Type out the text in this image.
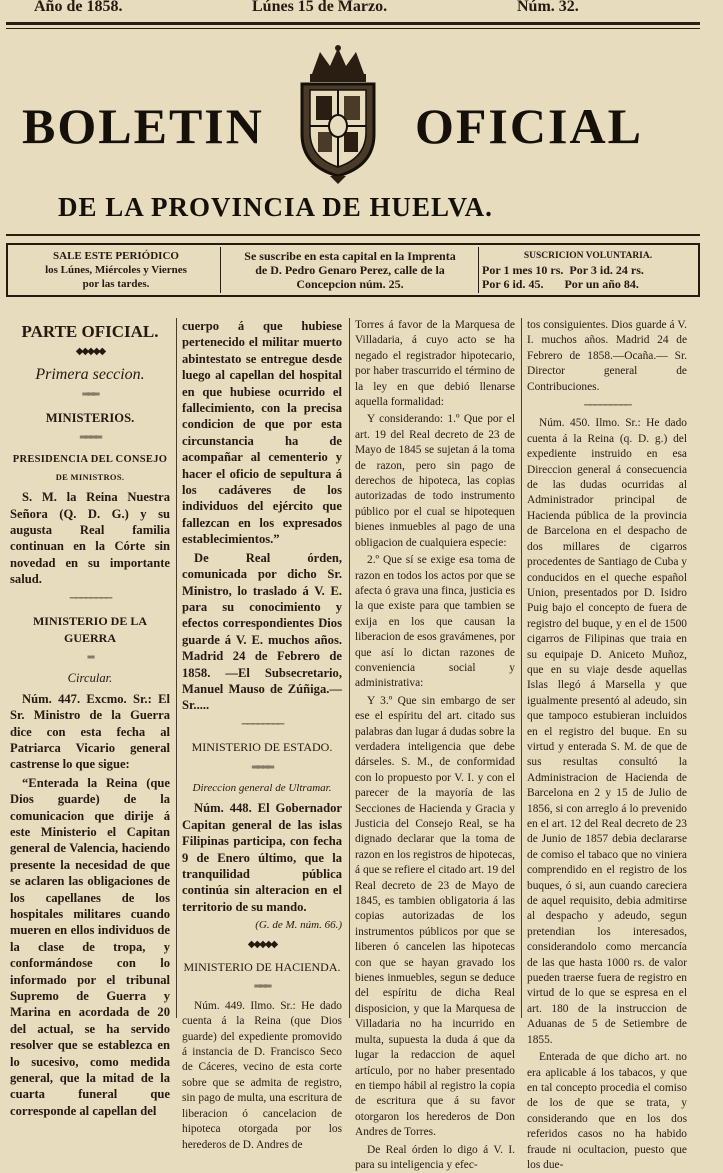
Año de 1858.	Lúnes 15 de Marzo.	Núm. 32.
BOLETIN	OFICIAL
DE LA PROVINCIA DE HUELVA.
SALE ESTE PERIÓDICO
los Lúnes, Miércoles y Viernes
por las tardes.
Se suscribe en esta capital en la Imprenta
de D. Pedro Genaro Perez, calle de la
Concepcion núm. 25.
SUSCRICION VOLUNTARIA.
Por 1 mes 10 rs.  Por 3 id. 24 rs.
Por 6 id. 45.       Por un año 84.

PARTE OFICIAL.

◆◆◆◆◆

Primera seccion.

═══

MINISTERIOS.

════

PRESIDENCIA DEL CONSEJO

DE MINISTROS.

S. M. la Reina Nuestra Señora (Q. D. G.) y su augusta Real familia continuan en la Córte sin novedad en su importante salud.

────────

MINISTERIO DE LA GUERRA

═

Circular.

Núm. 447. Excmo. Sr.: El Sr. Ministro de la Guerra dice con esta fecha al Patriarca Vicario general castrense lo que sigue:

“Enterada la Reina (que Dios guarde) de la comunicacion que dirije á este Ministerio el Capitan general de Valencia, haciendo presente la necesidad de que se aclaren las obligaciones de los capellanes de los hospitales militares cuando mueren en ellos individuos de la clase de tropa, y conformándose con lo informado por el tribunal Supremo de Guerra y Marina en acordada de 20 del actual, se ha servido resolver que se establezca en lo sucesivo, como medida general, que la mitad de la cuarta funeral que corresponde al capellan del

cuerpo á que hubiese pertenecido el militar muerto abintestato se entregue desde luego al capellan del hospital en que hubiese ocurrido el fallecimiento, con la precisa condicion de que por esta circunstancia ha de acompañar al cementerio y hacer el oficio de sepultura á los cadáveres de los individuos del ejército que fallezcan en los expresados establecimientos.”

De Real órden, comunicada por dicho Sr. Ministro, lo traslado á V. E. para su conocimiento y efectos correspondientes Dios guarde á V. E. muchos años. Madrid 24 de Febrero de 1858. —El Subsecretario, Manuel Mauso de Zúñiga.—Sr.....

────────

MINISTERIO DE ESTADO.

════

Direccion general de Ultramar.

Núm. 448. El Gobernador Capitan general de las islas Filipinas participa, con fecha 9 de Enero último, que la tranquilidad pública continúa sin alteracion en el territorio de su mando.

(G. de M. núm. 66.)

◆◆◆◆◆

MINISTERIO DE HACIENDA.

═══

Núm. 449. Ilmo. Sr.: He dado cuenta á la Reina (que Dios guarde) del expediente promovido á instancia de D. Francisco Seco de Cáceres, vecino de esta corte sobre que se admita de registro, sin pago de multa, una escritura de liberacion ó cancelacion de hipoteca otorgada por los herederos de D. Andres de

Torres á favor de la Marquesa de Villadaria, á cuyo acto se ha negado el registrador hipotecario, por haber trascurrido el término de la ley en que debió llenarse aquella formalidad:

Y considerando: 1.º Que por el art. 19 del Real decreto de 23 de Mayo de 1845 se sujetan á la toma de razon, pero sin pago de derechos de hipoteca, las copias autorizadas de todo instrumento público por el cual se hipotequen bienes inmuebles al pago de una obligacion de cualquiera especie:

2.º Que sí se exige esa toma de razon en todos los actos por que se afecta ó grava una finca, justicia es la que existe para que tambien se exija en los que causan la liberacion de esos gravámenes, por que así lo dictan razones de conveniencia social y administrativa:

Y 3.º Que sin embargo de ser ese el espíritu del art. citado sus palabras dan lugar á dudas sobre la verdadera inteligencia que debe dárseles. S. M., de conformidad con lo propuesto por V. I. y con el parecer de la mayoría de las Secciones de Hacienda y Gracia y Justicia del Consejo Real, se ha dignado declarar que la toma de razon en los registros de hipotecas, á que se refiere el citado art. 19 del Real decreto de 23 de Mayo de 1845, es tambien obligatoria á las copias autorizadas de los instrumentos públicos por que se liberen ó cancelen las hipotecas con que se hayan gravado los bienes inmuebles, segun se deduce del espíritu de dicha Real disposicion, y que la Marquesa de Villadaria no ha incurrido en multa, supuesta la duda á que da lugar la redaccion de aquel artículo, por no haber presentado en tiempo hábil al registro la copia de escritura que á su favor otorgaron los herederos de Don Andres de Torres.

De Real órden lo digo á V. I. para su inteligencia y efec-

tos consiguientes. Dios guarde á V. I. muchos años. Madrid 24 de Febrero de 1858.—Ocaña.— Sr. Director general de Contribuciones.

─────────

Núm. 450. Ilmo. Sr.: He dado cuenta á la Reina (q. D. g.) del expediente instruido en esa Direccion general á consecuencia de las dudas ocurridas al Administrador principal de Hacienda pública de la provincia de Barcelona en el despacho de dos millares de cigarros procedentes de Santiago de Cuba y conducidos en el queche español Union, presentados por D. Isidro Puig bajo el concepto de fuera de registro del buque, y en el de 1500 cigarros de Filipinas que traia en su equipaje D. Aniceto Muñoz, que en su viaje desde aquellas Islas llegó á Marsella y que igualmente presentó al adeudo, sin que tampoco estubieran incluidos en el registro del buque. En su virtud y enterada S. M. de que de sus resultas consultó la Administracion de Hacienda de Barcelona en 2 y 15 de Julio de 1856, si con arreglo á lo prevenido en el art. 12 del Real decreto de 23 de Junio de 1857 debia declararse de comiso el tabaco que no viniera comprendido en el registro de los buques, ó si, aun cuando careciera de aquel requisito, debia admitirse al despacho y adeudo, segun pretendian los interesados, considerandolo como mercancía de las que hasta 1000 rs. de valor pueden traerse fuera de registro en virtud de lo que se espresa en el art. 180 de la instruccion de Aduanas de 5 de Setiembre de 1855.

Enterada de que dicho art. no era aplicable á los tabacos, y que en tal concepto procedia el comiso de los de que se trata, y considerando que en los dos referidos casos no ha habido fraude ni ocultacion, puesto que los due-
